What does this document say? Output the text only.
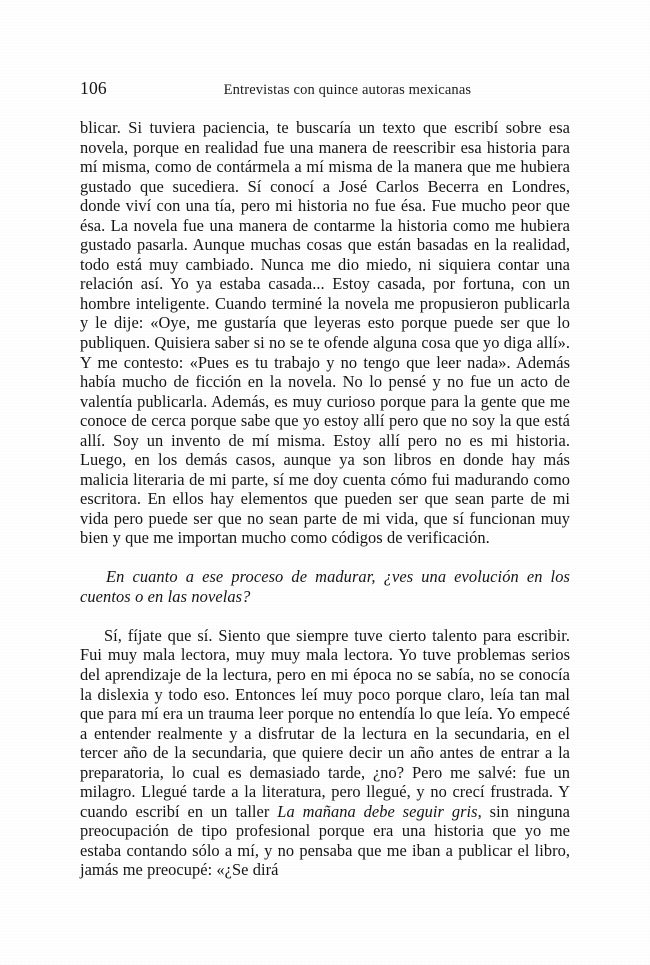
106	Entrevistas con quince autoras mexicanas

blicar. Si tuviera paciencia, te buscaría un texto que escribí sobre esa novela, porque en realidad fue una manera de reescribir esa historia para mí misma, como de contármela a mí misma de la manera que me hubiera gustado que sucediera. Sí conocí a José Carlos Becerra en Londres, donde viví con una tía, pero mi historia no fue ésa. Fue mucho peor que ésa. La novela fue una manera de contarme la historia como me hubiera gustado pasarla. Aunque muchas cosas que están basadas en la realidad, todo está muy cambiado. Nunca me dio miedo, ni siquiera contar una relación así. Yo ya estaba casada... Estoy casada, por fortuna, con un hombre inteligente. Cuando terminé la novela me propusieron publicarla y le dije: «Oye, me gustaría que leyeras esto porque puede ser que lo publiquen. Quisiera saber si no se te ofende alguna cosa que yo diga allí». Y me contesto: «Pues es tu trabajo y no tengo que leer nada». Además había mucho de ficción en la novela. No lo pensé y no fue un acto de valentía publicarla. Además, es muy curioso porque para la gente que me conoce de cerca porque sabe que yo estoy allí pero que no soy la que está allí. Soy un invento de mí misma. Estoy allí pero no es mi historia. Luego, en los demás casos, aunque ya son libros en donde hay más malicia literaria de mi parte, sí me doy cuenta cómo fui madurando como escritora. En ellos hay elementos que pueden ser que sean parte de mi vida pero puede ser que no sean parte de mi vida, que sí funcionan muy bien y que me importan mucho como códigos de verificación.

En cuanto a ese proceso de madurar, ¿ves una evolución en los cuentos o en las novelas?

Sí, fíjate que sí. Siento que siempre tuve cierto talento para escribir. Fui muy mala lectora, muy muy mala lectora. Yo tuve problemas serios del aprendizaje de la lectura, pero en mi época no se sabía, no se conocía la dislexia y todo eso. Entonces leí muy poco porque claro, leía tan mal que para mí era un trauma leer porque no entendía lo que leía. Yo empecé a entender realmente y a disfrutar de la lectura en la secundaria, en el tercer año de la secundaria, que quiere decir un año antes de entrar a la preparatoria, lo cual es demasiado tarde, ¿no? Pero me salvé: fue un milagro. Llegué tarde a la literatura, pero llegué, y no crecí frustrada. Y cuando escribí en un taller La mañana debe seguir gris, sin ninguna preocupación de tipo profesional porque era una historia que yo me estaba contando sólo a mí, y no pensaba que me iban a publicar el libro, jamás me preocupé: «¿Se dirá
